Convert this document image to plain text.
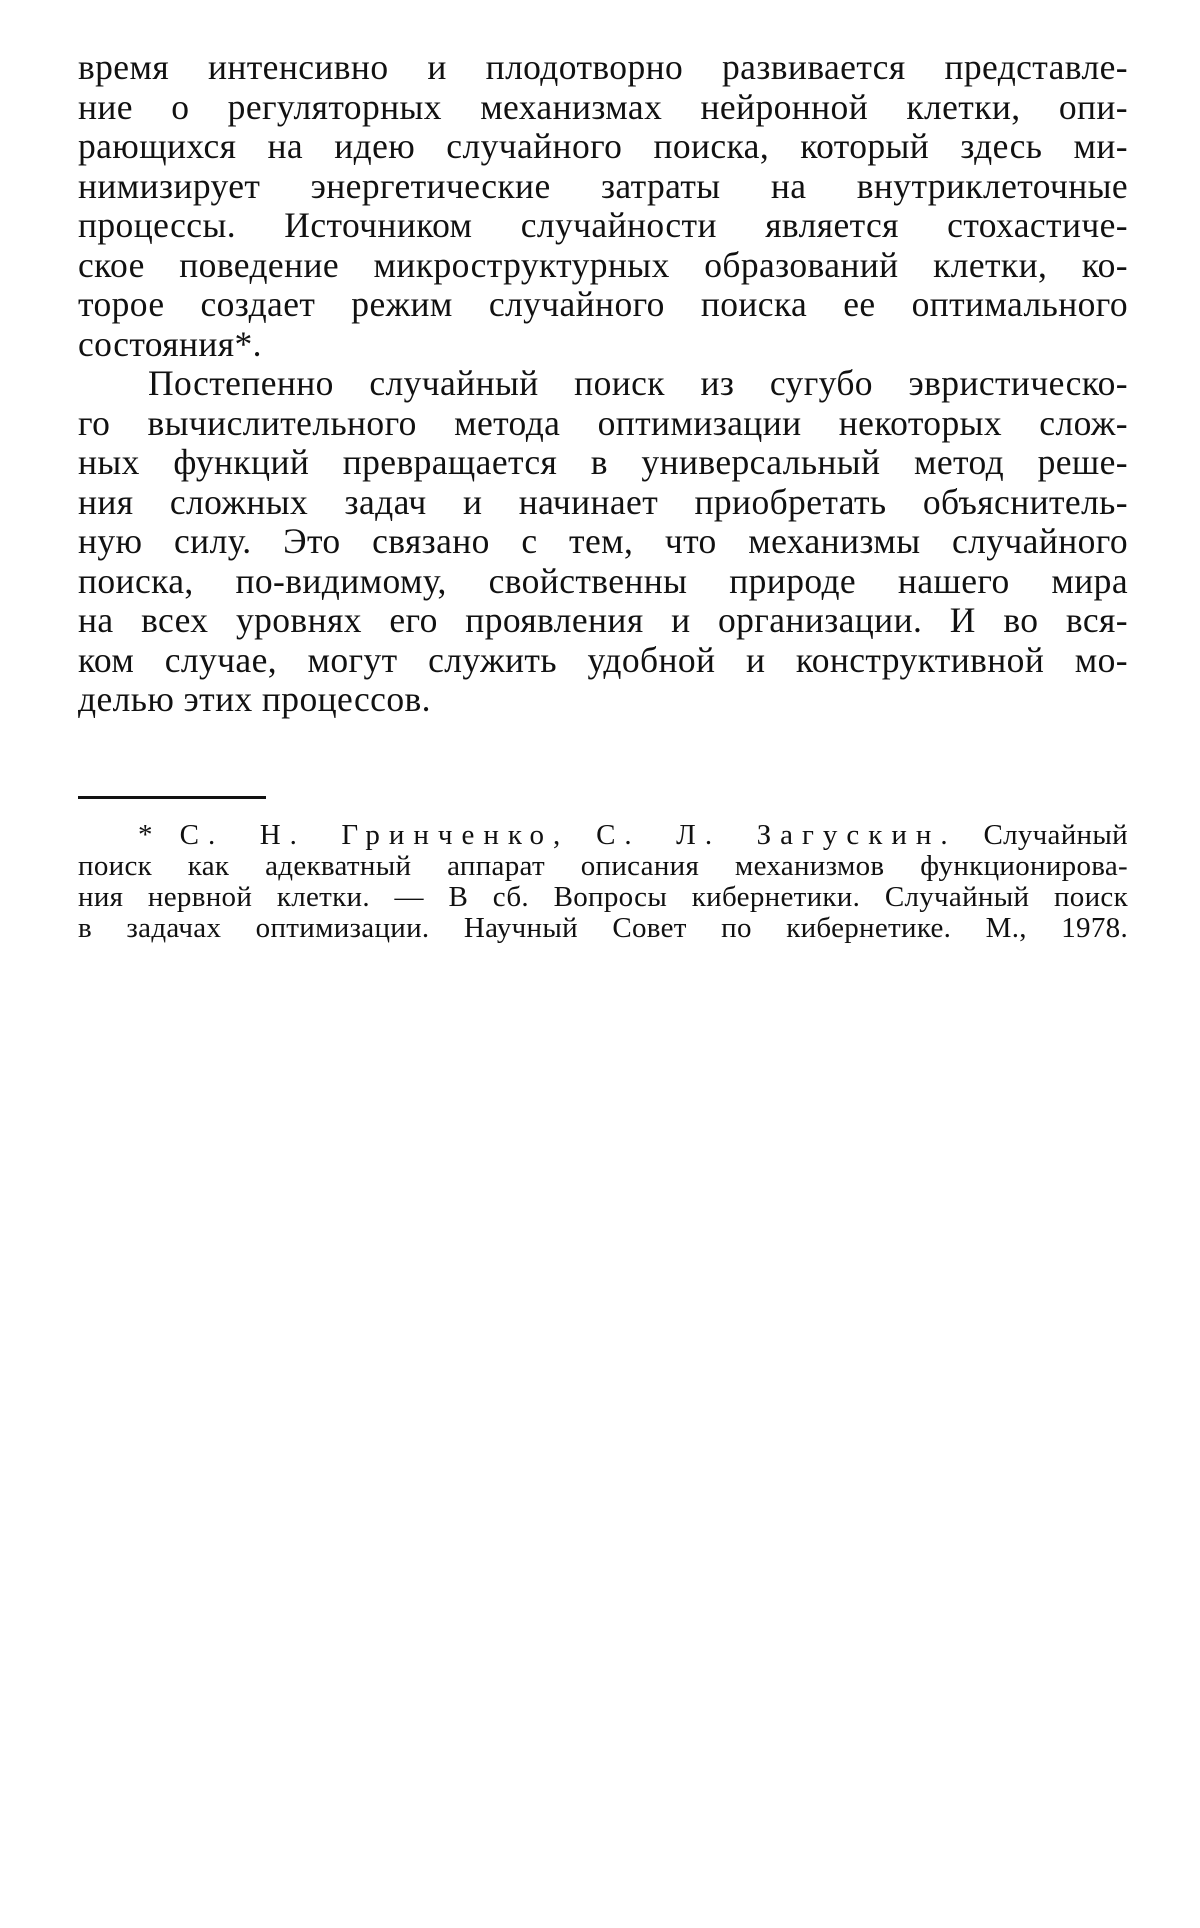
время интенсивно и плодотворно развивается представле-
ние о регуляторных механизмах нейронной клетки, опи-
рающихся на идею случайного поиска, который здесь ми-
нимизирует энергетические затраты на внутриклеточные
процессы. Источником случайности является стохастиче-
ское поведение микроструктурных образований клетки, ко-
торое создает режим случайного поиска ее оптимального
состояния*.
Постепенно случайный поиск из сугубо эвристическо-
го вычислительного метода оптимизации некоторых слож-
ных функций превращается в универсальный метод реше-
ния сложных задач и начинает приобретать объяснитель-
ную силу. Это связано с тем, что механизмы случайного
поиска, по-видимому, свойственны природе нашего мира
на всех уровнях его проявления и организации. И во вся-
ком случае, могут служить удобной и конструктивной мо-
делью этих процессов.
* С. Н. Гринченко, С. Л. Загускин. Случайный
поиск как адекватный аппарат описания механизмов функционирова-
ния нервной клетки. — В сб. Вопросы кибернетики. Случайный поиск
в задачах оптимизации. Научный Совет по кибернетике. М., 1978.
